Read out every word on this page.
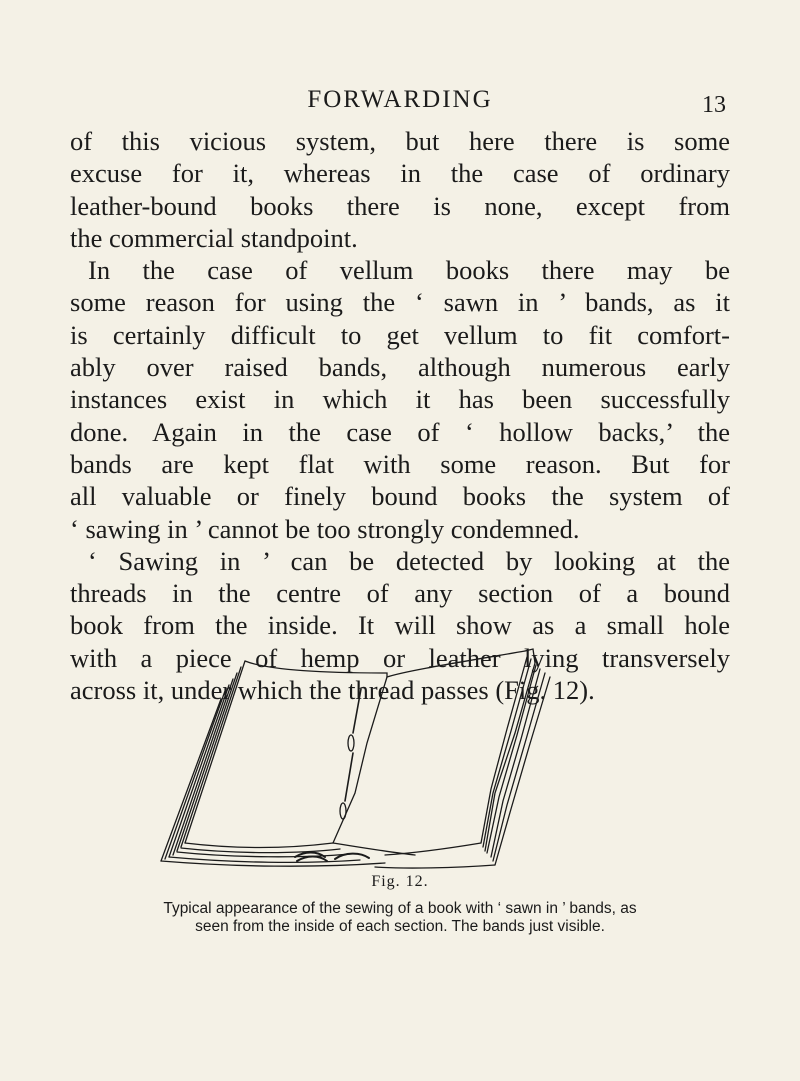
FORWARDING	13
of this vicious system, but here there is some
excuse for it, whereas in the case of ordinary
leather-bound books there is none, except from
the commercial standpoint.
In the case of vellum books there may be
some reason for using the ‘ sawn in ’ bands, as it
is certainly difficult to get vellum to fit comfort-
ably over raised bands, although numerous early
instances exist in which it has been successfully
done. Again in the case of ‘ hollow backs,’ the
bands are kept flat with some reason. But for
all valuable or finely bound books the system of
‘ sawing in ’ cannot be too strongly condemned.
‘ Sawing in ’ can be detected by looking at the
threads in the centre of any section of a bound
book from the inside. It will show as a small hole
with a piece of hemp or leather lying transversely
across it, under which the thread passes (Fig. 12).
Fig. 12.
Typical appearance of the sewing of a book with ‘ sawn in ’ bands, as
seen from the inside of each section. The bands just visible.
